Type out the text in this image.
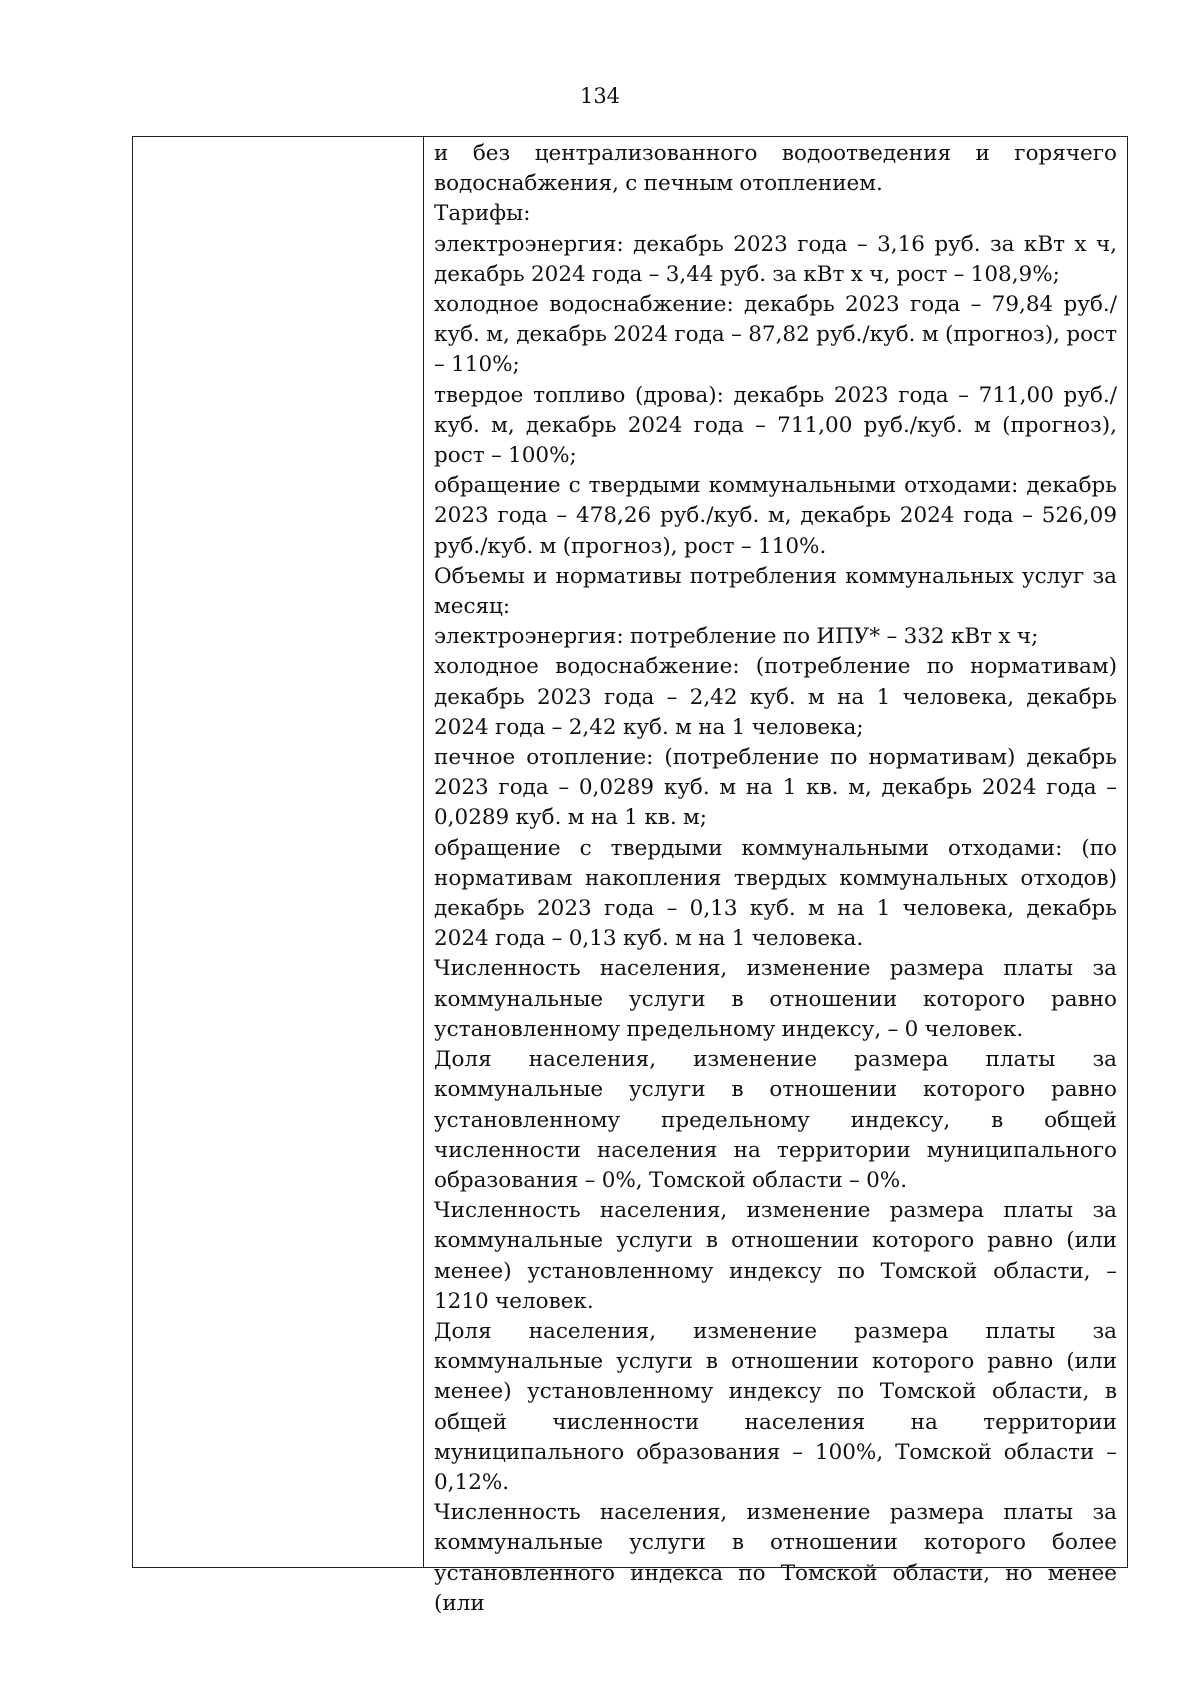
134

и без централизованного водоотведения и горячего водоснабжения, с печным отоплением.

Тарифы:

электроэнергия: декабрь 2023 года – 3,16 руб. за кВт х ч, декабрь 2024 года – 3,44 руб. за кВт х ч, рост – 108,9%;

холодное водоснабжение: декабрь 2023 года – 79,84 руб./куб. м, декабрь 2024 года – 87,82 руб./куб. м (прогноз), рост – 110%;

твердое топливо (дрова): декабрь 2023 года – 711,00 руб./куб. м, декабрь 2024 года – 711,00 руб./куб. м (прогноз), рост – 100%;

обращение с твердыми коммунальными отходами: декабрь 2023 года – 478,26 руб./куб. м, декабрь 2024 года – 526,09 руб./куб. м (прогноз), рост – 110%.

Объемы и нормативы потребления коммунальных услуг за месяц:

электроэнергия: потребление по ИПУ* – 332 кВт х ч;

холодное водоснабжение: (потребление по нормативам) декабрь 2023 года – 2,42 куб. м на 1 человека, декабрь 2024 года – 2,42 куб. м на 1 человека;

печное отопление: (потребление по нормативам) декабрь 2023 года – 0,0289 куб. м на 1 кв. м, декабрь 2024 года – 0,0289 куб. м на 1 кв. м;

обращение с твердыми коммунальными отходами: (по нормативам накопления твердых коммунальных отходов) декабрь 2023 года – 0,13 куб. м на 1 человека, декабрь 2024 года – 0,13 куб. м на 1 человека.

Численность населения, изменение размера платы за коммунальные услуги в отношении которого равно установленному предельному индексу, – 0 человек.

Доля населения, изменение размера платы за коммунальные услуги в отношении которого равно установленному предельному индексу, в общей численности населения на территории муниципального образования – 0%, Томской области – 0%.

Численность населения, изменение размера платы за коммунальные услуги в отношении которого равно (или менее) установленному индексу по Томской области, – 1210 человек.

Доля населения, изменение размера платы за коммунальные услуги в отношении которого равно (или менее) установленному индексу по Томской области, в общей численности населения на территории муниципального образования – 100%, Томской области – 0,12%.

Численность населения, изменение размера платы за коммунальные услуги в отношении которого более установленного индекса по Томской области, но менее (или
